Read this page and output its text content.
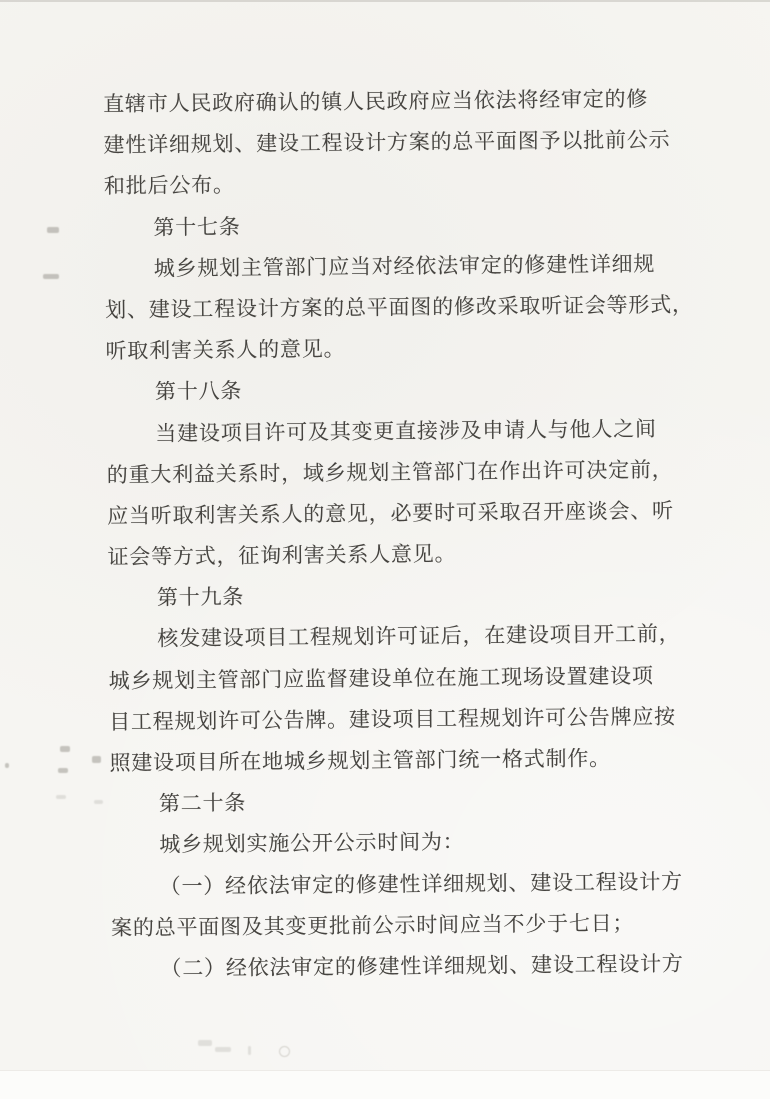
直辖市人民政府确认的镇人民政府应当依法将经审定的修
建性详细规划、建设工程设计方案的总平面图予以批前公示
和批后公布。
第十七条
城乡规划主管部门应当对经依法审定的修建性详细规
划、建设工程设计方案的总平面图的修改采取听证会等形式，
听取利害关系人的意见。
第十八条
当建设项目许可及其变更直接涉及申请人与他人之间
的重大利益关系时，域乡规划主管部门在作出许可决定前，
应当听取利害关系人的意见，必要时可采取召开座谈会、听
证会等方式，征询利害关系人意见。
第十九条
核发建设项目工程规划许可证后，在建设项目开工前，
城乡规划主管部门应监督建设单位在施工现场设置建设项
目工程规划许可公告牌。建设项目工程规划许可公告牌应按
照建设项目所在地城乡规划主管部门统一格式制作。
第二十条
城乡规划实施公开公示时间为：
（一）经依法审定的修建性详细规划、建设工程设计方
案的总平面图及其变更批前公示时间应当不少于七日；
（二）经依法审定的修建性详细规划、建设工程设计方
